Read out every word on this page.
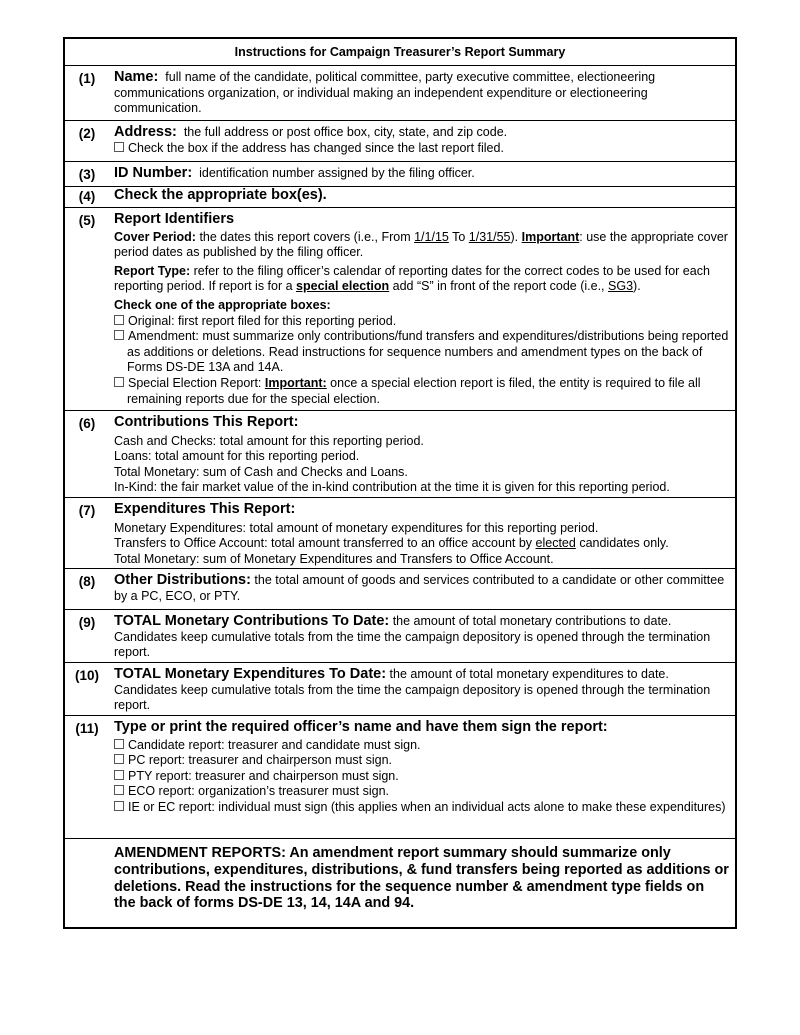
Instructions for Campaign Treasurer’s Report Summary
(1)	Name: full name of the candidate, political committee, party executive committee, electioneering communications organization, or individual making an independent expenditure or electioneering communication.
(2)	Address: the full address or post office box, city, state, and zip code.
Check the box if the address has changed since the last report filed.
(3)	ID Number: identification number assigned by the filing officer.
(4)	Check the appropriate box(es).
(5)	Report Identifiers
Cover Period: the dates this report covers (i.e., From 1/1/15 To 1/31/55). Important: use the appropriate cover period dates as published by the filing officer.
Report Type: refer to the filing officer’s calendar of reporting dates for the correct codes to be used for each reporting period. If report is for a special election add “S” in front of the report code (i.e., SG3).
Check one of the appropriate boxes:
Original: first report filed for this reporting period.
Amendment: must summarize only contributions/fund transfers and expenditures/distributions being reported as additions or deletions. Read instructions for sequence numbers and amendment types on the back of Forms DS-DE 13A and 14A.
Special Election Report: Important: once a special election report is filed, the entity is required to file all remaining reports due for the special election.
(6)	Contributions This Report:
Cash and Checks: total amount for this reporting period.
Loans: total amount for this reporting period.
Total Monetary: sum of Cash and Checks and Loans.
In-Kind: the fair market value of the in-kind contribution at the time it is given for this reporting period.
(7)	Expenditures This Report:
Monetary Expenditures: total amount of monetary expenditures for this reporting period.
Transfers to Office Account: total amount transferred to an office account by elected candidates only.
Total Monetary: sum of Monetary Expenditures and Transfers to Office Account.
(8)	Other Distributions: the total amount of goods and services contributed to a candidate or other committee by a PC, ECO, or PTY.
(9)	TOTAL Monetary Contributions To Date: the amount of total monetary contributions to date. Candidates keep cumulative totals from the time the campaign depository is opened through the termination report.
(10)	TOTAL Monetary Expenditures To Date: the amount of total monetary expenditures to date. Candidates keep cumulative totals from the time the campaign depository is opened through the termination report.
(11)	Type or print the required officer’s name and have them sign the report:
Candidate report: treasurer and candidate must sign.
PC report: treasurer and chairperson must sign.
PTY report: treasurer and chairperson must sign.
ECO report: organization’s treasurer must sign.
IE or EC report: individual must sign (this applies when an individual acts alone to make these expenditures)
AMENDMENT REPORTS: An amendment report summary should summarize only contributions, expenditures, distributions, & fund transfers being reported as additions or deletions. Read the instructions for the sequence number & amendment type fields on the back of forms DS-DE 13, 14, 14A and 94.
